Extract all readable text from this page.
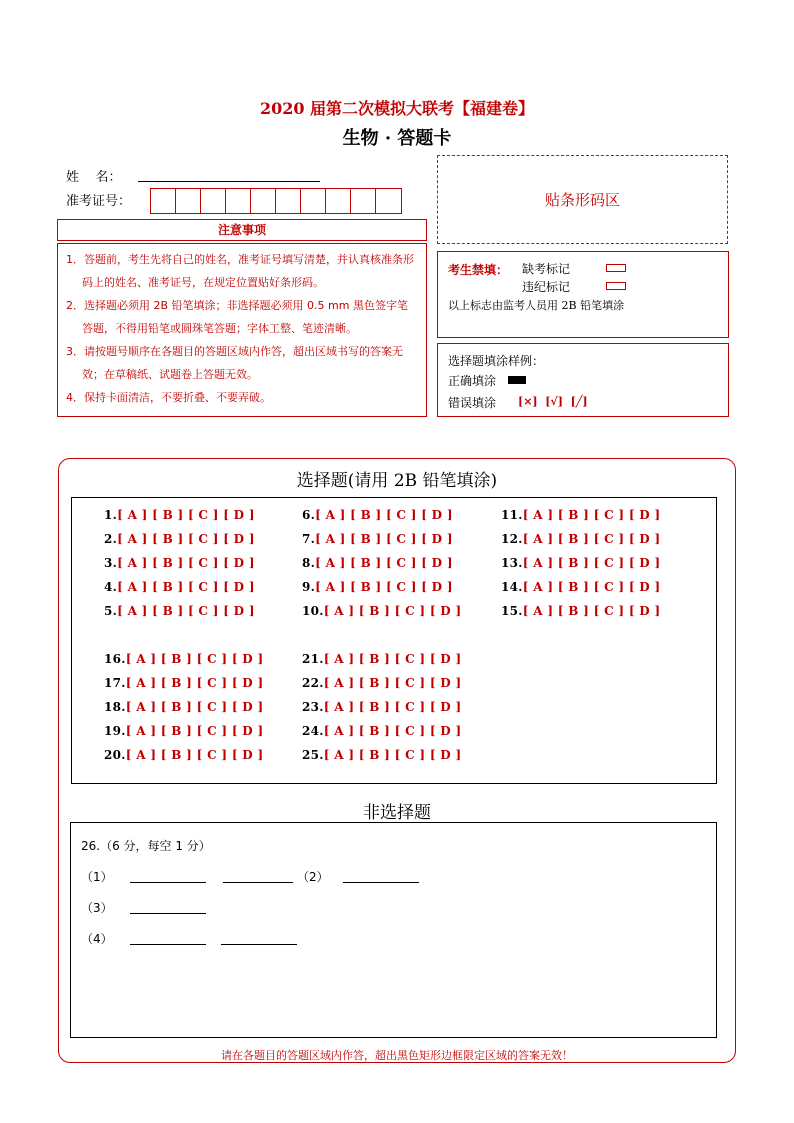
2020 届第二次模拟大联考【福建卷】
生物 · 答题卡
姓    名：
准考证号：	贴条形码区
注意事项

1．答题前，考生先将自己的姓名，准考证号填写清楚，并认真核准条形码上的姓名、准考证号，在规定位置贴好条形码。

2．选择题必须用 2B 铅笔填涂；非选择题必须用 0.5 mm 黑色签字笔答题，不得用铅笔或圆珠笔答题；字体工整、笔迹清晰。

3．请按题号顺序在各题目的答题区域内作答，超出区域书写的答案无效；在草稿纸、试题卷上答题无效。

4．保持卡面清洁，不要折叠、不要弄破。

考生禁填： 缺考标记
违纪标记
以上标志由监考人员用 2B 铅笔填涂
选择题填涂样例：
正确填涂
错误填涂 [×]  [√]  [╱]
选择题(请用 2B 铅笔填涂)
1.[ A ] [ B ] [ C ] [ D ]
2.[ A ] [ B ] [ C ] [ D ]
3.[ A ] [ B ] [ C ] [ D ]
4.[ A ] [ B ] [ C ] [ D ]
5.[ A ] [ B ] [ C ] [ D ]
6.[ A ] [ B ] [ C ] [ D ]
7.[ A ] [ B ] [ C ] [ D ]
8.[ A ] [ B ] [ C ] [ D ]
9.[ A ] [ B ] [ C ] [ D ]
10.[ A ] [ B ] [ C ] [ D ]
11.[ A ] [ B ] [ C ] [ D ]
12.[ A ] [ B ] [ C ] [ D ]
13.[ A ] [ B ] [ C ] [ D ]
14.[ A ] [ B ] [ C ] [ D ]
15.[ A ] [ B ] [ C ] [ D ]
16.[ A ] [ B ] [ C ] [ D ]
17.[ A ] [ B ] [ C ] [ D ]
18.[ A ] [ B ] [ C ] [ D ]
19.[ A ] [ B ] [ C ] [ D ]
20.[ A ] [ B ] [ C ] [ D ]
21.[ A ] [ B ] [ C ] [ D ]
22.[ A ] [ B ] [ C ] [ D ]
23.[ A ] [ B ] [ C ] [ D ]
24.[ A ] [ B ] [ C ] [ D ]
25.[ A ] [ B ] [ C ] [ D ]
非选择题
26.（6 分，每空 1 分）
（1）	（2）
（3）
（4）
请在各题目的答题区域内作答，超出黑色矩形边框限定区域的答案无效！
